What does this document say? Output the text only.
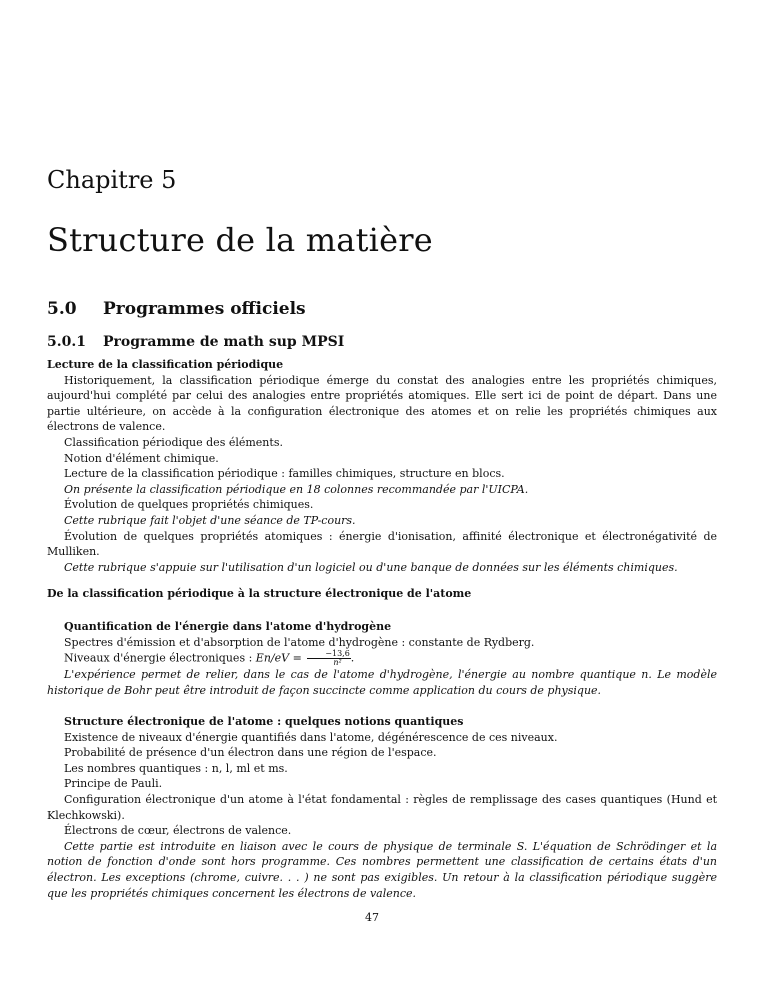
Chapitre 5
Structure de la matière
5.0 Programmes officiels
5.0.1 Programme de math sup MPSI

Lecture de la classification périodique

Historiquement, la classification périodique émerge du constat des analogies entre les propriétés chimiques, aujourd'hui complété par celui des analogies entre propriétés atomiques. Elle sert ici de point de départ. Dans une partie ultérieure, on accède à la configuration électronique des atomes et on relie les propriétés chimiques aux électrons de valence.

Classification périodique des éléments.

Notion d'élément chimique.

Lecture de la classification périodique : familles chimiques, structure en blocs.

On présente la classification périodique en 18 colonnes recommandée par l'UICPA.

Évolution de quelques propriétés chimiques.

Cette rubrique fait l'objet d'une séance de TP-cours.

Évolution de quelques propriétés atomiques : énergie d'ionisation, affinité électronique et électronégativité de Mulliken.

Cette rubrique s'appuie sur l'utilisation d'un logiciel ou d'une banque de données sur les éléments chimiques.

De la classification périodique à la structure électronique de l'atome

Quantification de l'énergie dans l'atome d'hydrogène

Spectres d'émission et d'absorption de l'atome d'hydrogène : constante de Rydberg.

Niveaux d'énergie électroniques : $En/eV = \frac{-13,6}{\text{n²}}$ .

L'expérience permet de relier, dans le cas de l'atome d'hydrogène, l'énergie au nombre quantique n. Le modèle historique de Bohr peut être introduit de façon succincte comme application du cours de physique.

Structure électronique de l'atome : quelques notions quantiques

Existence de niveaux d'énergie quantifiés dans l'atome, dégénérescence de ces niveaux.

Probabilité de présence d'un électron dans une région de l'espace.

Les nombres quantiques : n, l, ml et ms.

Principe de Pauli.

Configuration électronique d'un atome à l'état fondamental : règles de remplissage des cases quantiques (Hund et Klechkowski).

Électrons de cœur, électrons de valence.

Cette partie est introduite en liaison avec le cours de physique de terminale S. L'équation de Schrödinger et la notion de fonction d'onde sont hors programme. Ces nombres permettent une classification de certains états d'un électron. Les exceptions (chrome, cuivre. . . ) ne sont pas exigibles. Un retour à la classification périodique suggère que les propriétés chimiques concernent les électrons de valence.

47
